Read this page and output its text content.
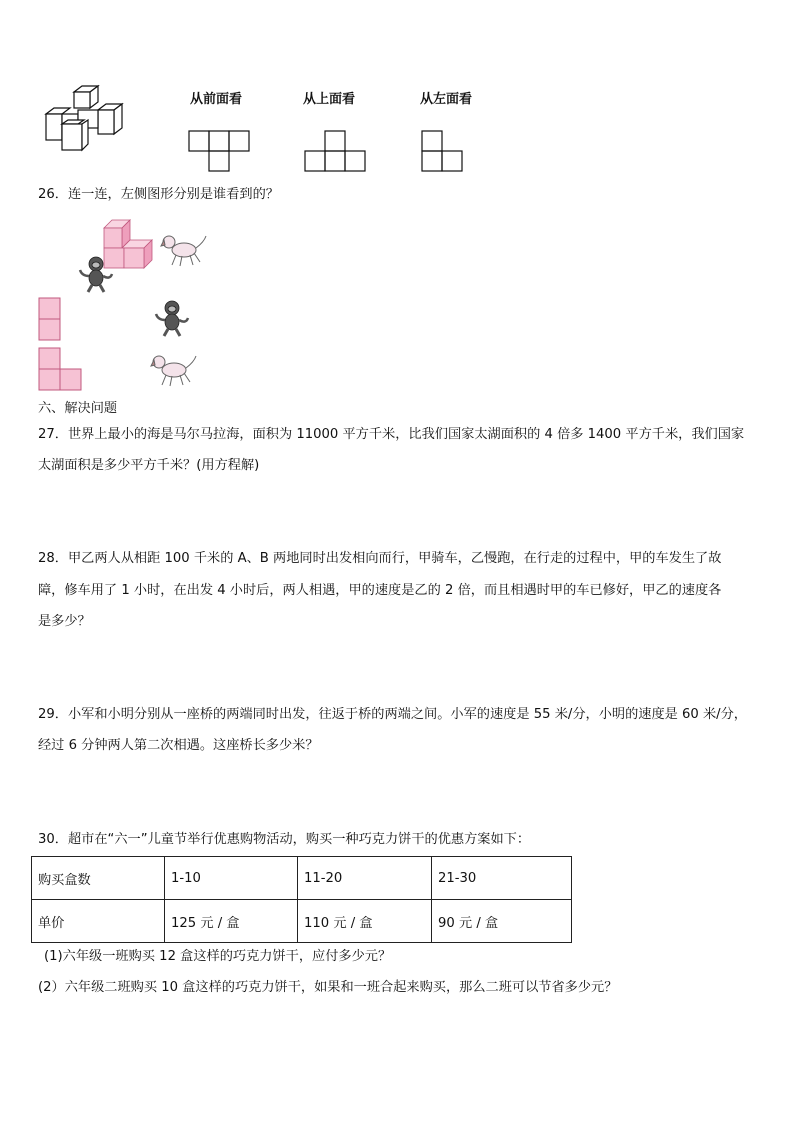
从前面看	从上面看	从左面看
26．连一连，左侧图形分别是谁看到的？
六、解决问题
27．世界上最小的海是马尔马拉海，面积为 11000 平方千米，比我们国家太湖面积的 4 倍多 1400 平方千米，我们国家
太湖面积是多少平方千米？(用方程解)
28．甲乙两人从相距 100 千米的 A、B 两地同时出发相向而行，甲骑车，乙慢跑，在行走的过程中，甲的车发生了故
障，修车用了 1 小时，在出发 4 小时后，两人相遇，甲的速度是乙的 2 倍，而且相遇时甲的车已修好，甲乙的速度各
是多少？
29．小军和小明分别从一座桥的两端同时出发，往返于桥的两端之间。小军的速度是 55 米/分，小明的速度是 60 米/分，
经过 6 分钟两人第二次相遇。这座桥长多少米？
30．超市在“六一”儿童节举行优惠购物活动，购买一种巧克力饼干的优惠方案如下：
购买盒数	1-10	11-20	21-30
单价	125 元 / 盒	110 元 / 盒	90 元 / 盒
(1)六年级一班购买 12 盒这样的巧克力饼干，应付多少元？
(2）六年级二班购买 10 盒这样的巧克力饼干，如果和一班合起来购买，那么二班可以节省多少元？
